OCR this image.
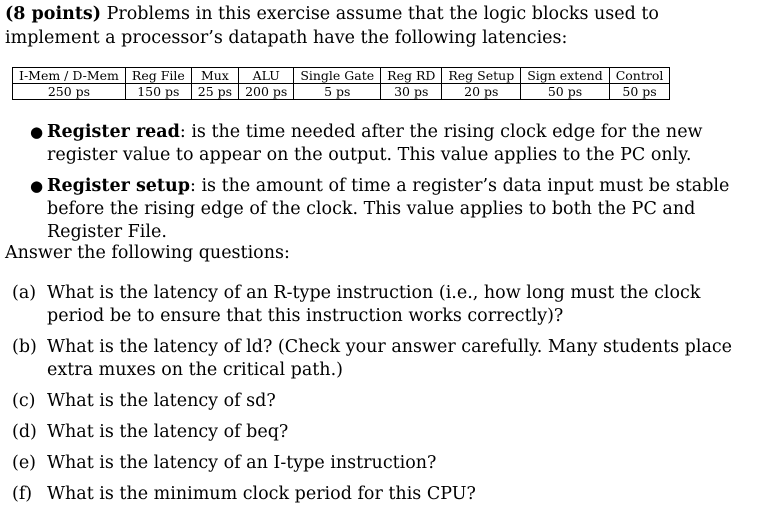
(8 points) Problems in this exercise assume that the logic blocks used to implement a processor’s datapath have the following latencies:
I-Mem / D-Mem	Reg File	Mux	ALU	Single Gate	Reg RD	Reg Setup	Sign extend	Control
250 ps	150 ps	25 ps	200 ps	5 ps	30 ps	20 ps	50 ps	50 ps
● Register read: is the time needed after the rising clock edge for the new register value to appear on the output. This value applies to the PC only.
● Register setup: is the amount of time a register’s data input must be stable before the rising edge of the clock. This value applies to both the PC and Register File.
Answer the following questions:
(a) What is the latency of an R-type instruction (i.e., how long must the clock period be to ensure that this instruction works correctly)?
(b) What is the latency of ld? (Check your answer carefully. Many students place extra muxes on the critical path.)
(c) What is the latency of sd?
(d) What is the latency of beq?
(e) What is the latency of an I-type instruction?
(f) What is the minimum clock period for this CPU?
